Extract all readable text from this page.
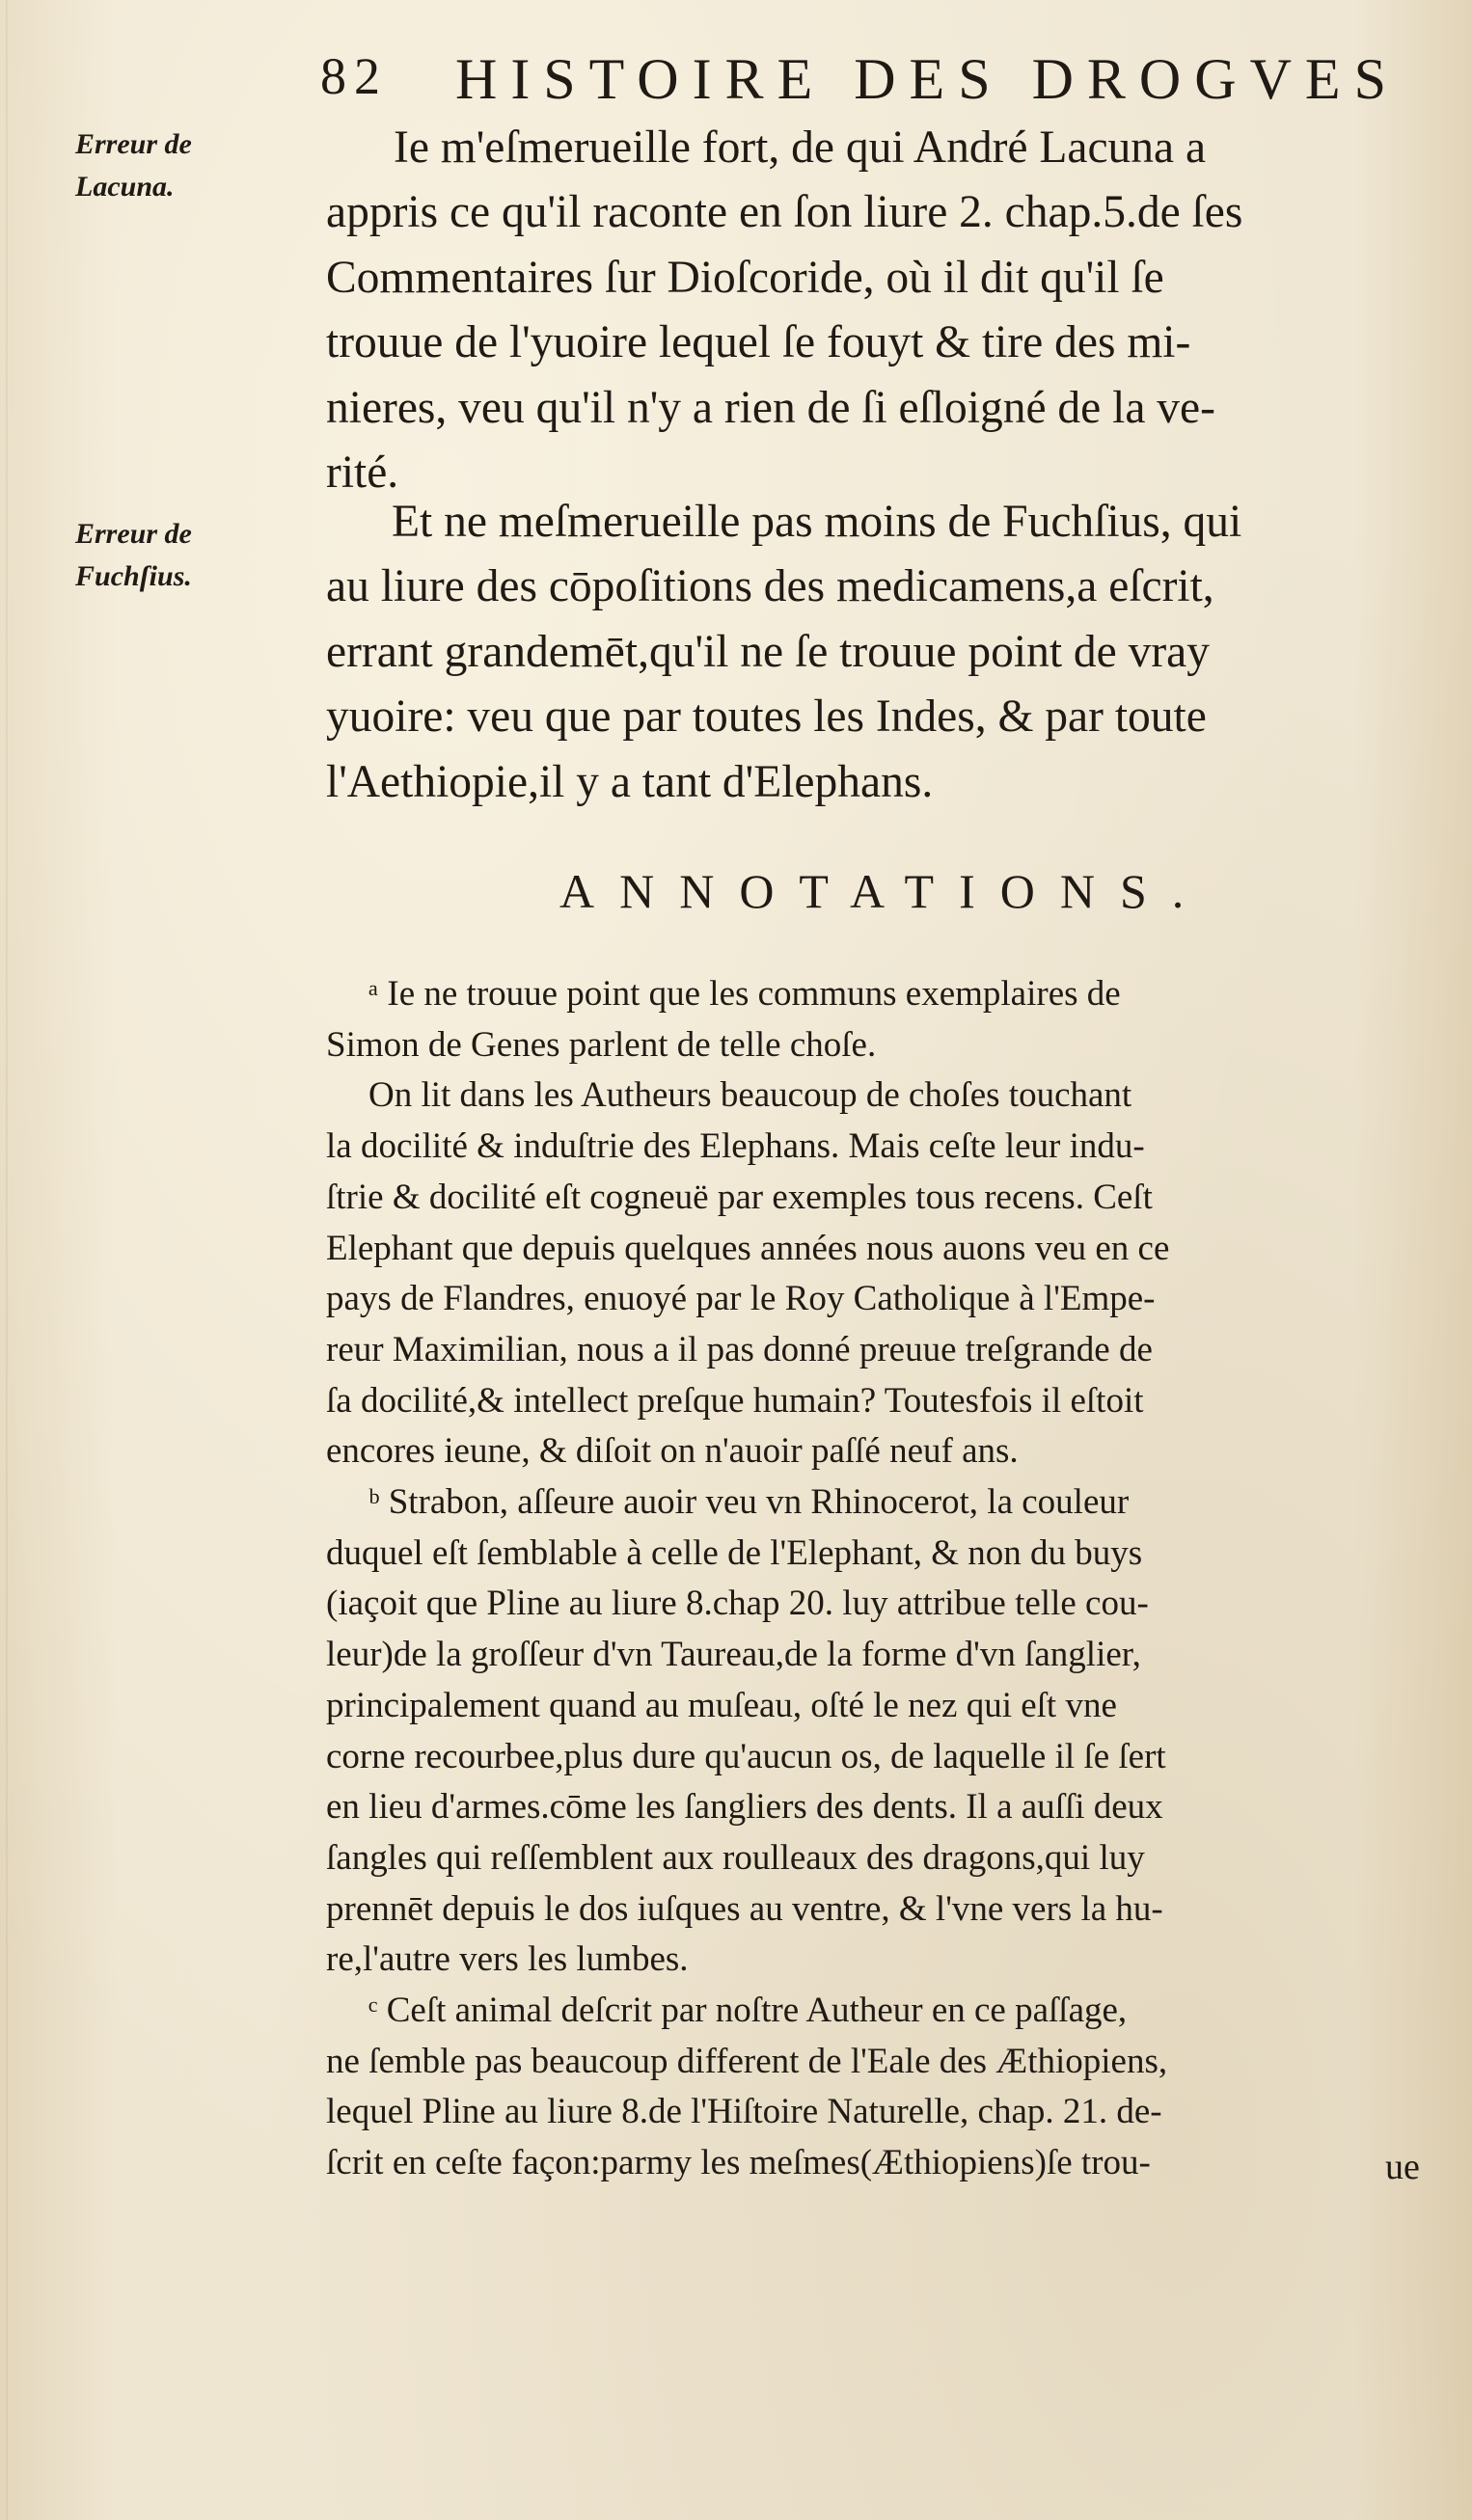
82 HISTOIRE DES DROGVES
Erreur de
Lacuna.
Erreur de
Fuchſius.
Ie m'eſmerueille fort, de qui André Lacuna a
appris ce qu'il raconte en ſon liure 2. chap.5.de ſes
Commentaires ſur Dioſcoride, où il dit qu'il ſe
trouue de l'yuoire lequel ſe fouyt & tire des mi-
nieres, veu qu'il n'y a rien de ſi eſloigné de la ve-
rité.
Et ne meſmerueille pas moins de Fuchſius, qui
au liure des cōpoſitions des medicamens,a eſcrit,
errant grandemēt,qu'il ne ſe trouue point de vray
yuoire: veu que par toutes les Indes, & par toute
l'Aethiopie,il y a tant d'Elephans.
ANNOTATIONS.
ᵃ Ie ne trouue point que les communs exemplaires de
Simon de Genes parlent de telle choſe.
On lit dans les Autheurs beaucoup de choſes touchant
la docilité & induſtrie des Elephans. Mais ceſte leur indu-
ſtrie & docilité eſt cogneuë par exemples tous recens. Ceſt
Elephant que depuis quelques années nous auons veu en ce
pays de Flandres, enuoyé par le Roy Catholique à l'Empe-
reur Maximilian, nous a il pas donné preuue treſgrande de
ſa docilité,& intellect preſque humain? Toutesfois il eſtoit
encores ieune, & diſoit on n'auoir paſſé neuf ans.
ᵇ Strabon, aſſeure auoir veu vn Rhinocerot, la couleur
duquel eſt ſemblable à celle de l'Elephant, & non du buys
(iaçoit que Pline au liure 8.chap 20. luy attribue telle cou-
leur)de la groſſeur d'vn Taureau,de la forme d'vn ſanglier,
principalement quand au muſeau, oſté le nez qui eſt vne
corne recourbee,plus dure qu'aucun os, de laquelle il ſe ſert
en lieu d'armes.cōme les ſangliers des dents. Il a auſſi deux
ſangles qui reſſemblent aux roulleaux des dragons,qui luy
prennēt depuis le dos iuſques au ventre, & l'vne vers la hu-
re,l'autre vers les lumbes.
ᶜ Ceſt animal deſcrit par noſtre Autheur en ce paſſage,
ne ſemble pas beaucoup different de l'Eale des Æthiopiens,
lequel Pline au liure 8.de l'Hiſtoire Naturelle, chap. 21. de-
ſcrit en ceſte façon:parmy les meſmes(Æthiopiens)ſe trou-	ue
